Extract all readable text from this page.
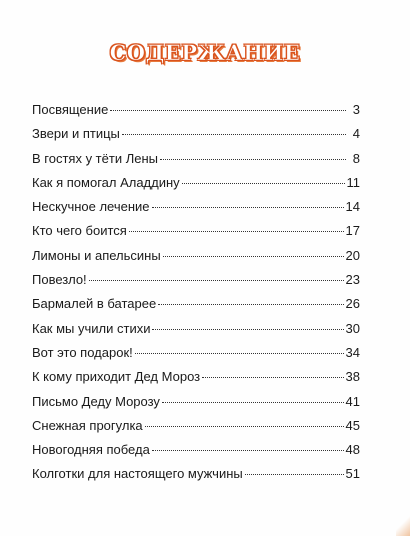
СОДЕРЖАНИЕ
Посвящение	3
Звери и птицы	4
В гостях у тёти Лены	8
Как я помогал Аладдину	11
Нескучное лечение	14
Кто чего боится	17
Лимоны и апельсины	20
Повезло!	23
Бармалей в батарее	26
Как мы учили стихи	30
Вот это подарок!	34
К кому приходит Дед Мороз	38
Письмо Деду Морозу	41
Снежная прогулка	45
Новогодняя победа	48
Колготки для настоящего мужчины	51
